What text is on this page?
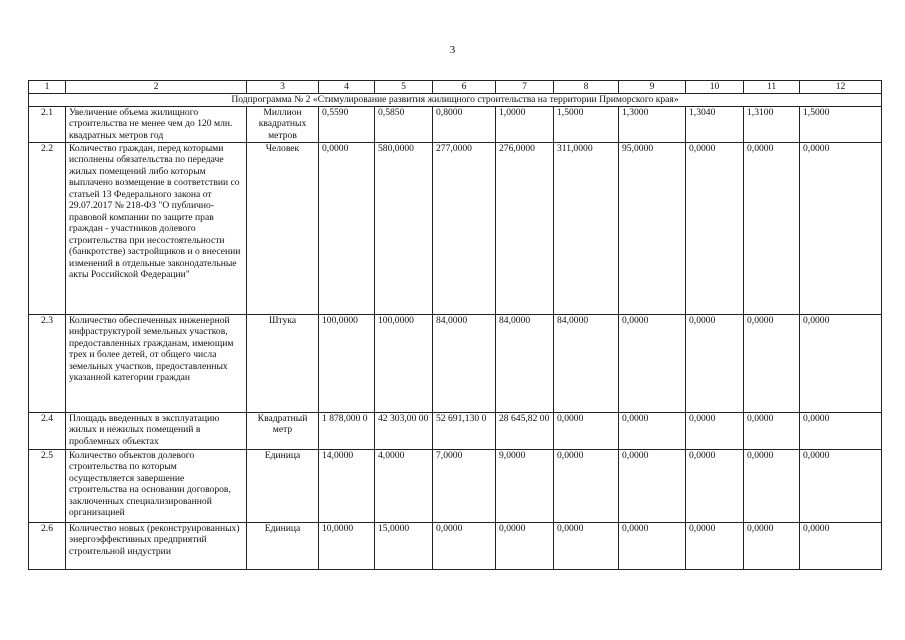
3
1	2	3	4	5	6	7	8	9	10	11	12
Подпрограмма № 2 «Стимулирование развития жилищного строительства на территории Приморского края»											
2.1	Увеличение объема жилищного строительства не менее чем до 120 млн. квадратных метров год	Миллион квадратных метров	0,5590	0,5850	0,8000	1,0000	1,5000	1,3000	1,3040	1,3100	1,5000
2.2	Количество граждан, перед которыми исполнены обязательства по передаче жилых помещений либо которым выплачено возмещение в соответствии со статьей 13 Федерального закона от 29.07.2017 № 218-ФЗ "О публично-правовой компании по защите прав граждан - участников долевого строительства при несостоятельности (банкротстве) застройщиков и о внесении изменений в отдельные законодательные акты Российской Федерации"	Человек	0,0000	580,0000	277,0000	276,0000	311,0000	95,0000	0,0000	0,0000	0,0000
2.3	Количество обеспеченных инженерной инфраструктурой земельных участков, предоставленных гражданам, имеющим трех и более детей, от общего числа земельных участков, предоставленных указанной категории граждан	Штука	100,0000	100,0000	84,0000	84,0000	84,0000	0,0000	0,0000	0,0000	0,0000
2.4	Площадь введенных в эксплуатацию жилых и нежилых помещений в проблемных объектах	Квадратный метр	1 878,000 0	42 303,00 00	52 691,130 0	28 645,82 00	0,0000	0,0000	0,0000	0,0000	0,0000
2.5	Количество объектов долевого строительства по которым осуществляется завершение строительства на основании договоров, заключенных специализированной организацией	Единица	14,0000	4,0000	7,0000	9,0000	0,0000	0,0000	0,0000	0,0000	0,0000
2.6	Количество новых (реконструированных) энергоэффективных предприятий строительной индустрии	Единица	10,0000	15,0000	0,0000	0,0000	0,0000	0,0000	0,0000	0,0000	0,0000
